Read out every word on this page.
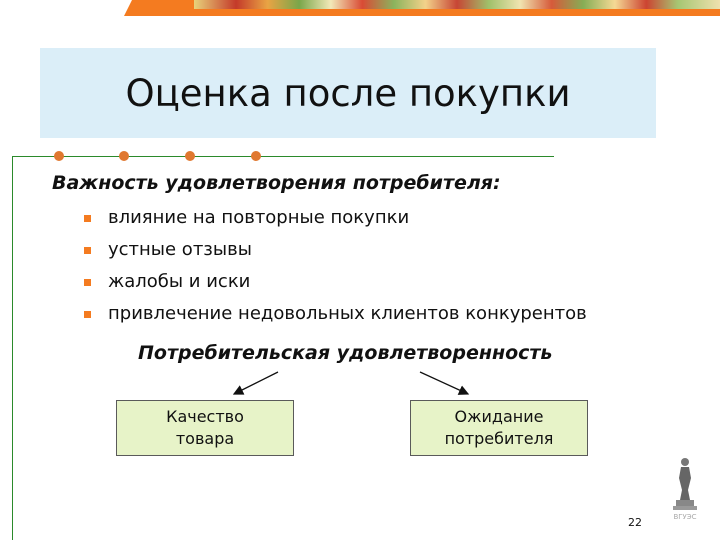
Оценка после покупки
Важность удовлетворения потребителя:
влияние на повторные покупки
устные отзывы
жалобы и иски
привлечение недовольных клиентов конкурентов
Потребительская удовлетворенность
Качество
товара
Ожидание
потребителя
ВГУЭС
22
